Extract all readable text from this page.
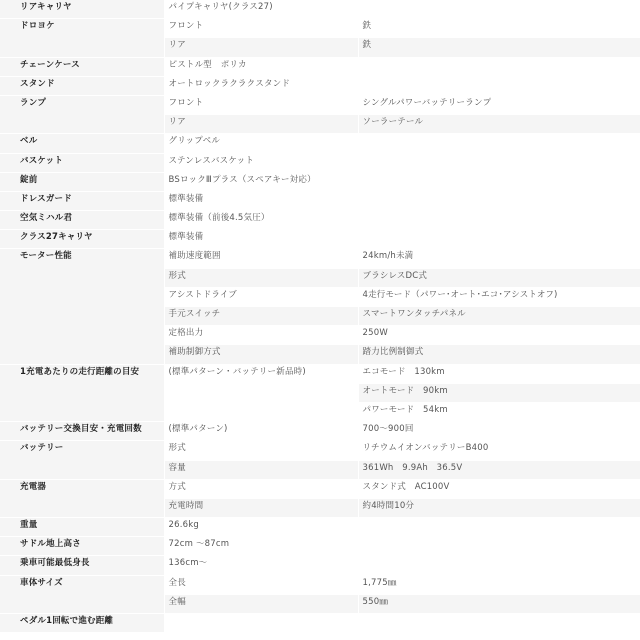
リアキャリヤ	パイプキャリヤ(クラス27)	
ドロヨケ	フロント	鉄
	リア	鉄
チェーンケース	ピストル型　ポリカ	
スタンド	オートロックラクラクスタンド	
ランプ	フロント	シングルパワーバッテリーランプ
	リア	ソーラーテール
ベル	グリップベル	
バスケット	ステンレスバスケット	
錠前	BSロックⅢプラス（スペアキー対応）	
ドレスガード	標準装備	
空気ミハル君	標準装備（前後4.5気圧）	
クラス27キャリヤ	標準装備	
モーター性能	補助速度範囲	24km/h未満
	形式	ブラシレスDC式
	アシストドライブ	4走行モード（パワー･オート･エコ･アシストオフ)
	手元スイッチ	スマートワンタッチパネル
	定格出力	250W
	補助制御方式	踏力比例制御式
1充電あたりの走行距離の目安	(標準パターン・バッテリー新品時)	エコモード　130km
		オートモード　90km
		パワーモード　54km
バッテリー交換目安・充電回数	(標準パターン)	700～900回
バッテリー	形式	リチウムイオンバッテリーB400
	容量	361Wh　9.9Ah　36.5V
充電器	方式	スタンド式　AC100V
	充電時間	約4時間10分
重量	26.6kg	
サドル地上高さ	72cm ～87cm	
乗車可能最低身長	136cm～	
車体サイズ	全長	1,775㎜
	全幅	550㎜
ペダル1回転で進む距離		
